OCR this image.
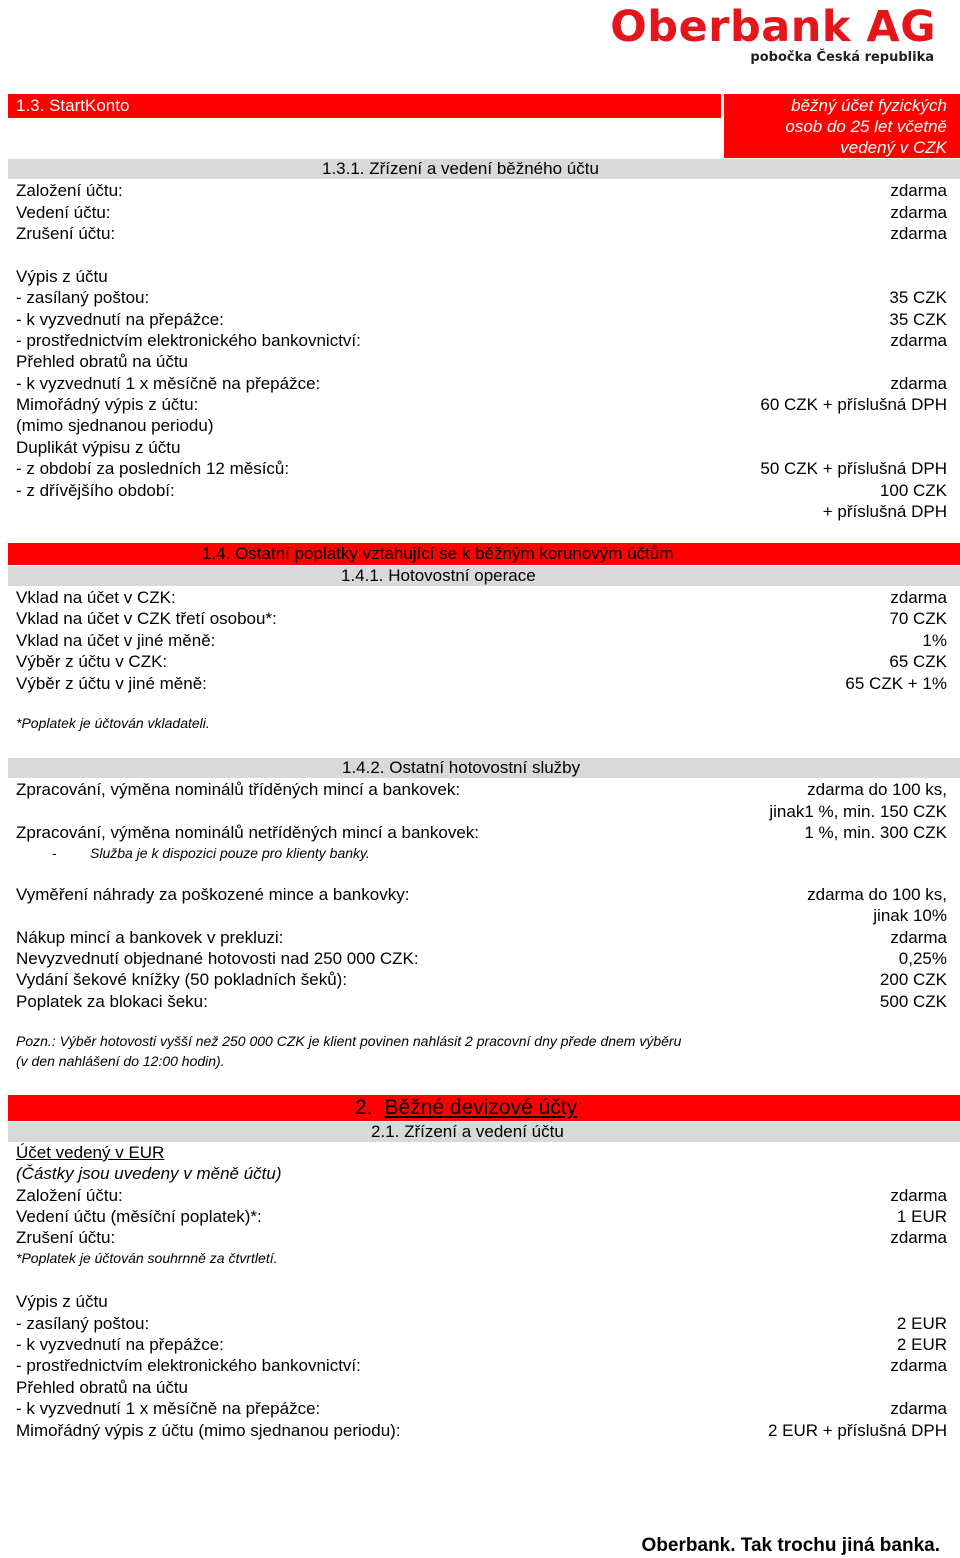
Oberbank AG
pobočka Česká republika
1.3. StartKonto	běžný účet fyzických
osob do 25 let včetně
vedený v CZK
1.3.1. Zřízení a vedení běžného účtu
Založení účtu:	zdarma
Vedení účtu:	zdarma
Zrušení účtu:	zdarma
Výpis z účtu
- zasílaný poštou:	35 CZK
- k vyzvednutí na přepážce:	35 CZK
- prostřednictvím elektronického bankovnictví:	zdarma
Přehled obratů na účtu
- k vyzvednutí 1 x měsíčně na přepážce:	zdarma
Mimořádný výpis z účtu:	60 CZK + příslušná DPH
(mimo sjednanou periodu)
Duplikát výpisu z účtu
- z období za posledních 12 měsíců:	50 CZK + příslušná DPH
- z dřívějšího období:	100 CZK
+ příslušná DPH
1.4. Ostatní poplatky vztahující se k běžným korunovým účtům
1.4.1. Hotovostní operace
Vklad na účet v CZK:	zdarma
Vklad na účet v CZK třetí osobou*:	70 CZK
Vklad na účet v jiné měně:	1%
Výběr z účtu v CZK:	65 CZK
Výběr z účtu v jiné měně:	65 CZK + 1%
*Poplatek je účtován vkladateli.
1.4.2. Ostatní hotovostní služby
Zpracování, výměna nominálů tříděných mincí a bankovek:	zdarma do 100 ks,
jinak1 %, min. 150 CZK
Zpracování, výměna nominálů netříděných mincí a bankovek:	1 %, min. 300 CZK
- Služba je k dispozici pouze pro klienty banky.
Vyměření náhrady za poškozené mince a bankovky:	zdarma do 100 ks,
jinak 10%
Nákup mincí a bankovek v prekluzi:	zdarma
Nevyzvednutí objednané hotovosti nad 250 000 CZK:	0,25%
Vydání šekové knížky (50 pokladních šeků):	200 CZK
Poplatek za blokaci šeku:	500 CZK
Pozn.: Výběr hotovosti vyšší než 250 000 CZK je klient povinen nahlásit 2 pracovní dny přede dnem výběru
(v den nahlášení do 12:00 hodin).
2. Běžné devizové účty
2.1. Zřízení a vedení účtu
Účet vedený v EUR
(Částky jsou uvedeny v měně účtu)
Založení účtu:	zdarma
Vedení účtu (měsíční poplatek)*:	1 EUR
Zrušení účtu:	zdarma
*Poplatek je účtován souhrnně za čtvrtletí.
Výpis z účtu
- zasílaný poštou:	2 EUR
- k vyzvednutí na přepážce:	2 EUR
- prostřednictvím elektronického bankovnictví:	zdarma
Přehled obratů na účtu
- k vyzvednutí 1 x měsíčně na přepážce:	zdarma
Mimořádný výpis z účtu (mimo sjednanou periodu):	2 EUR + příslušná DPH
Oberbank. Tak trochu jiná banka.
